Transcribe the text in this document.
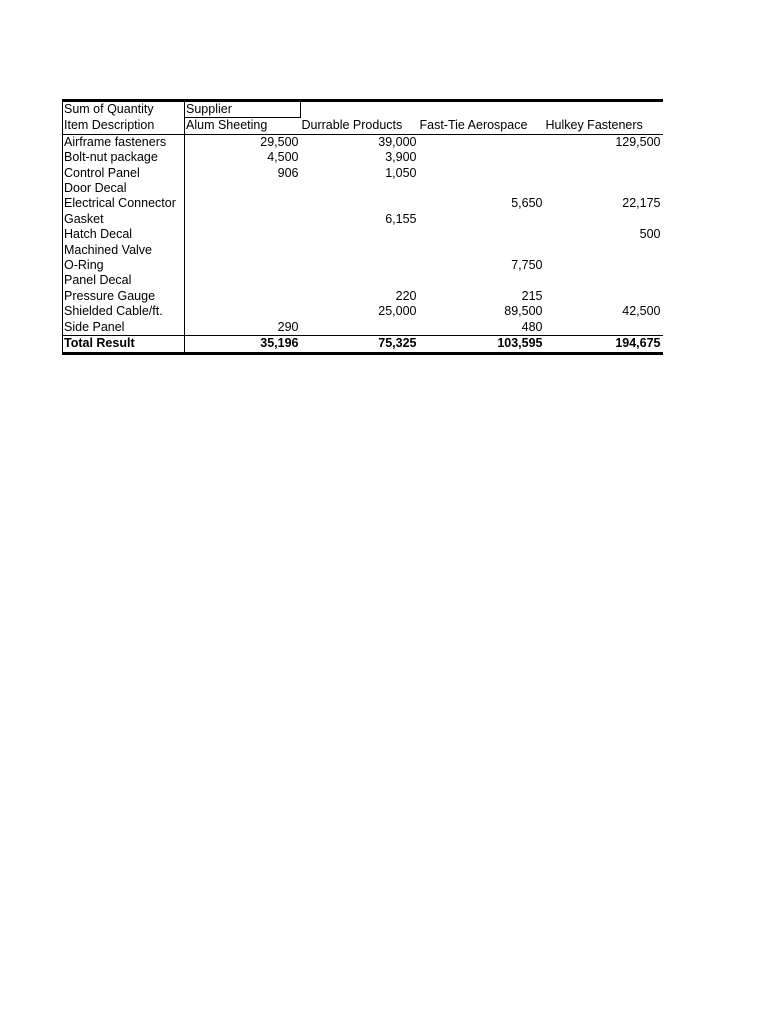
Sum of Quantity	Supplier			
Item Description	Alum Sheeting	Durrable Products	Fast-Tie Aerospace	Hulkey Fasteners
Airframe fasteners	29,500	39,000		129,500
Bolt-nut package	4,500	3,900		
Control Panel	906	1,050		
Door Decal				
Electrical Connector			5,650	22,175
Gasket		6,155		
Hatch Decal				500
Machined Valve				
O-Ring			7,750	
Panel Decal				
Pressure Gauge		220	215	
Shielded Cable/ft.		25,000	89,500	42,500
Side Panel	290		480	
Total Result	35,196	75,325	103,595	194,675
